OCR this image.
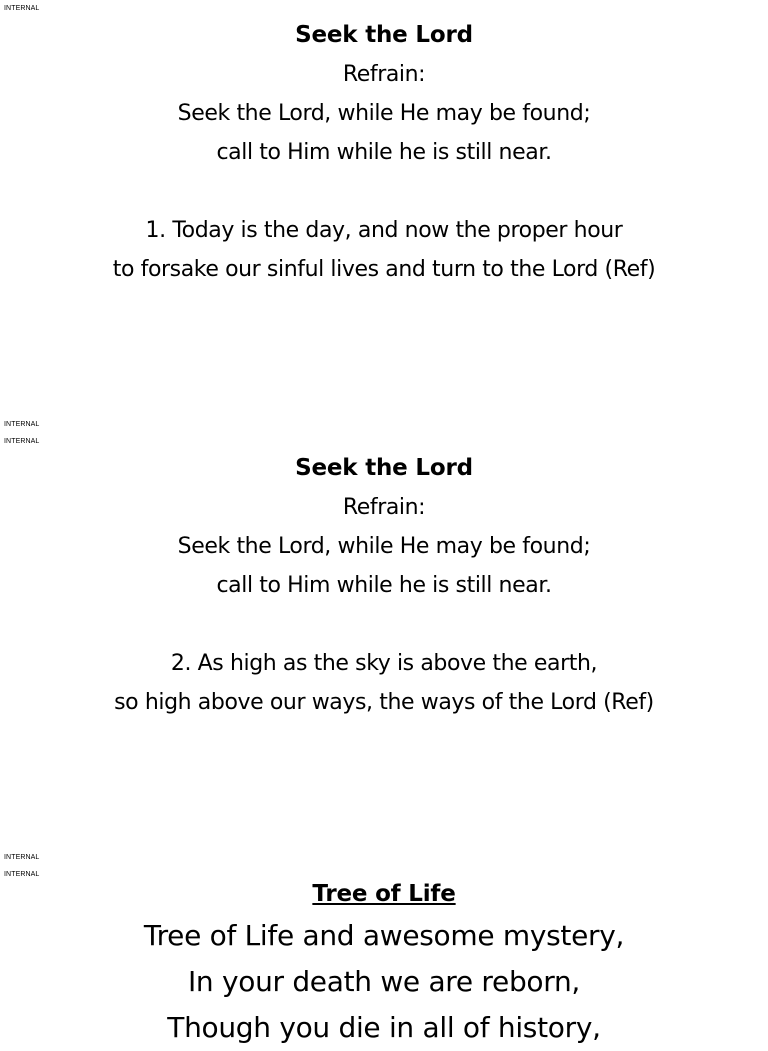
INTERNAL
INTERNAL
INTERNAL
INTERNAL
INTERNAL
Seek the Lord
Refrain:
Seek the Lord, while He may be found;
call to Him while he is still near.
1. Today is the day, and now the proper hour
to forsake our sinful lives and turn to the Lord (Ref)
Seek the Lord
Refrain:
Seek the Lord, while He may be found;
call to Him while he is still near.
2. As high as the sky is above the earth,
so high above our ways, the ways of the Lord (Ref)
Tree of Life
Tree of Life and awesome mystery,
In your death we are reborn,
Though you die in all of history,
